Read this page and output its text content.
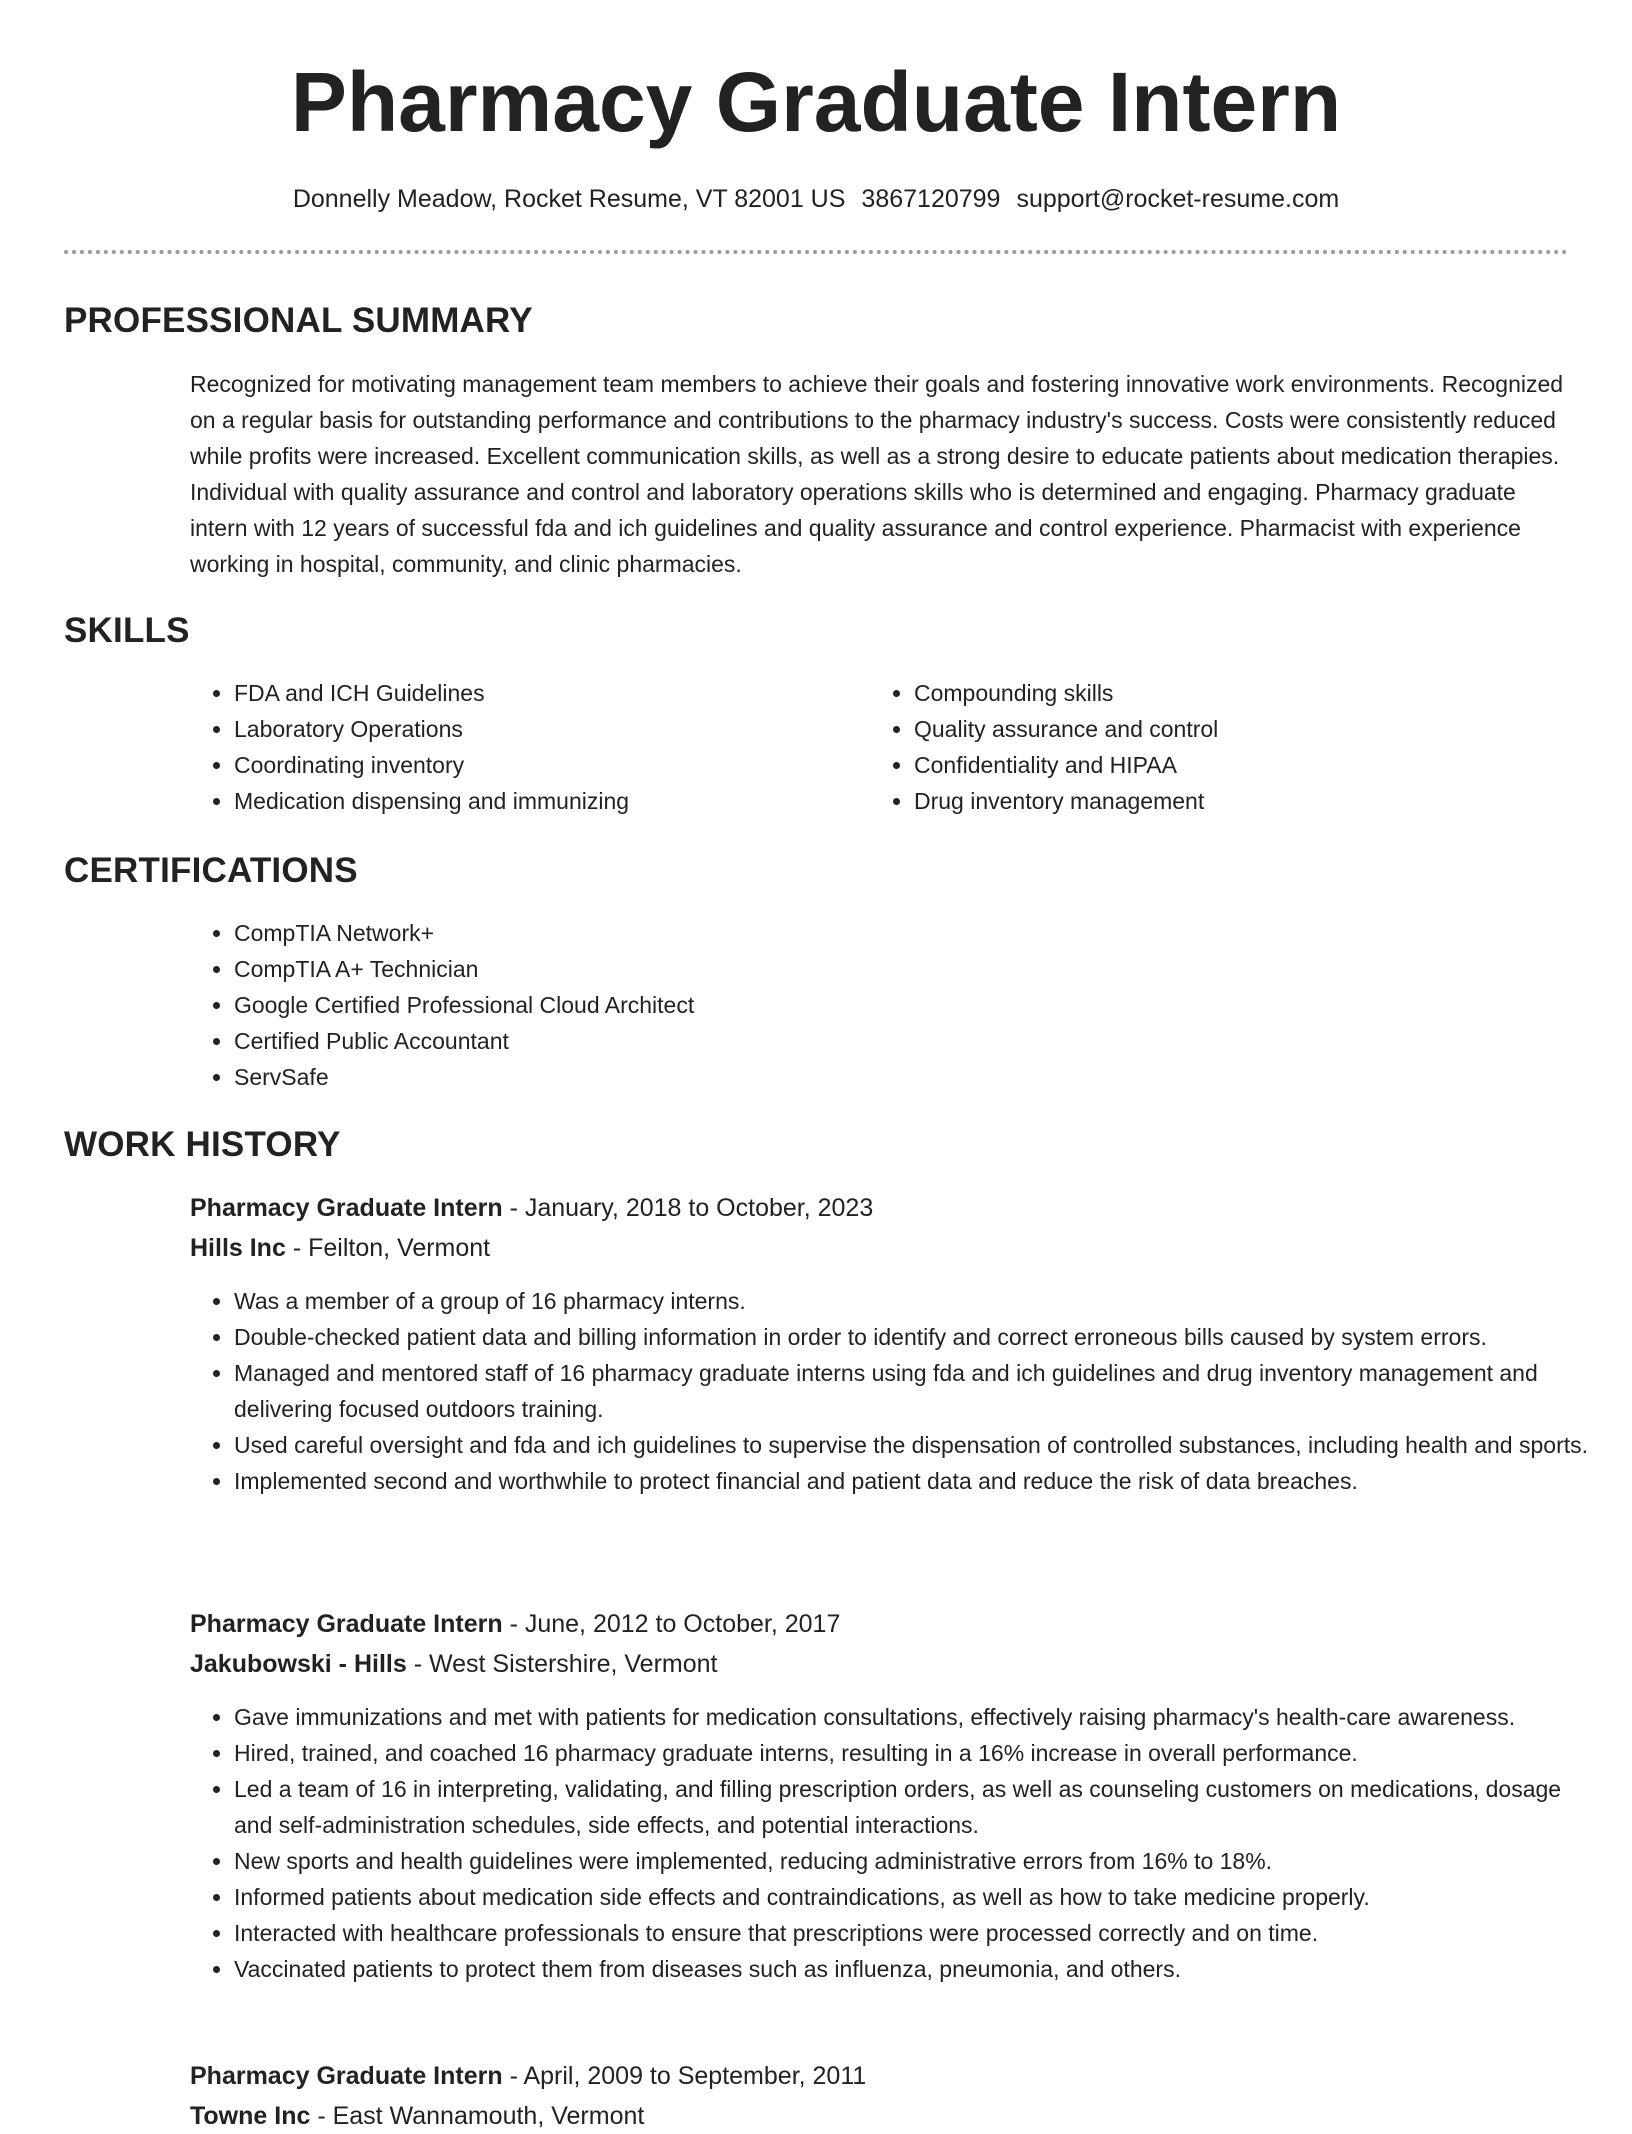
Pharmacy Graduate Intern
Donnelly Meadow, Rocket Resume, VT 82001 US 3867120799 support@rocket-resume.com
PROFESSIONAL SUMMARY

Recognized for motivating management team members to achieve their goals and fostering innovative work environments. Recognized on a regular basis for outstanding performance and contributions to the pharmacy industry's success. Costs were consistently reduced while profits were increased. Excellent communication skills, as well as a strong desire to educate patients about medication therapies. Individual with quality assurance and control and laboratory operations skills who is determined and engaging. Pharmacy graduate intern with 12 years of successful fda and ich guidelines and quality assurance and control experience. Pharmacist with experience working in hospital, community, and clinic pharmacies.

SKILLS
• FDA and ICH Guidelines
• Laboratory Operations
• Coordinating inventory
• Medication dispensing and immunizing
• Compounding skills
• Quality assurance and control
• Confidentiality and HIPAA
• Drug inventory management
CERTIFICATIONS
• CompTIA Network+
• CompTIA A+ Technician
• Google Certified Professional Cloud Architect
• Certified Public Accountant
• ServSafe
WORK HISTORY
Pharmacy Graduate Intern - January, 2018 to October, 2023
Hills Inc - Feilton, Vermont
• Was a member of a group of 16 pharmacy interns.
• Double-checked patient data and billing information in order to identify and correct erroneous bills caused by system errors.
• Managed and mentored staff of 16 pharmacy graduate interns using fda and ich guidelines and drug inventory management and delivering focused outdoors training.
• Used careful oversight and fda and ich guidelines to supervise the dispensation of controlled substances, including health and sports.
• Implemented second and worthwhile to protect financial and patient data and reduce the risk of data breaches.
Pharmacy Graduate Intern - June, 2012 to October, 2017
Jakubowski - Hills - West Sistershire, Vermont
• Gave immunizations and met with patients for medication consultations, effectively raising pharmacy's health-care awareness.
• Hired, trained, and coached 16 pharmacy graduate interns, resulting in a 16% increase in overall performance.
• Led a team of 16 in interpreting, validating, and filling prescription orders, as well as counseling customers on medications, dosage and self-administration schedules, side effects, and potential interactions.
• New sports and health guidelines were implemented, reducing administrative errors from 16% to 18%.
• Informed patients about medication side effects and contraindications, as well as how to take medicine properly.
• Interacted with healthcare professionals to ensure that prescriptions were processed correctly and on time.
• Vaccinated patients to protect them from diseases such as influenza, pneumonia, and others.
Pharmacy Graduate Intern - April, 2009 to September, 2011
Towne Inc - East Wannamouth, Vermont
